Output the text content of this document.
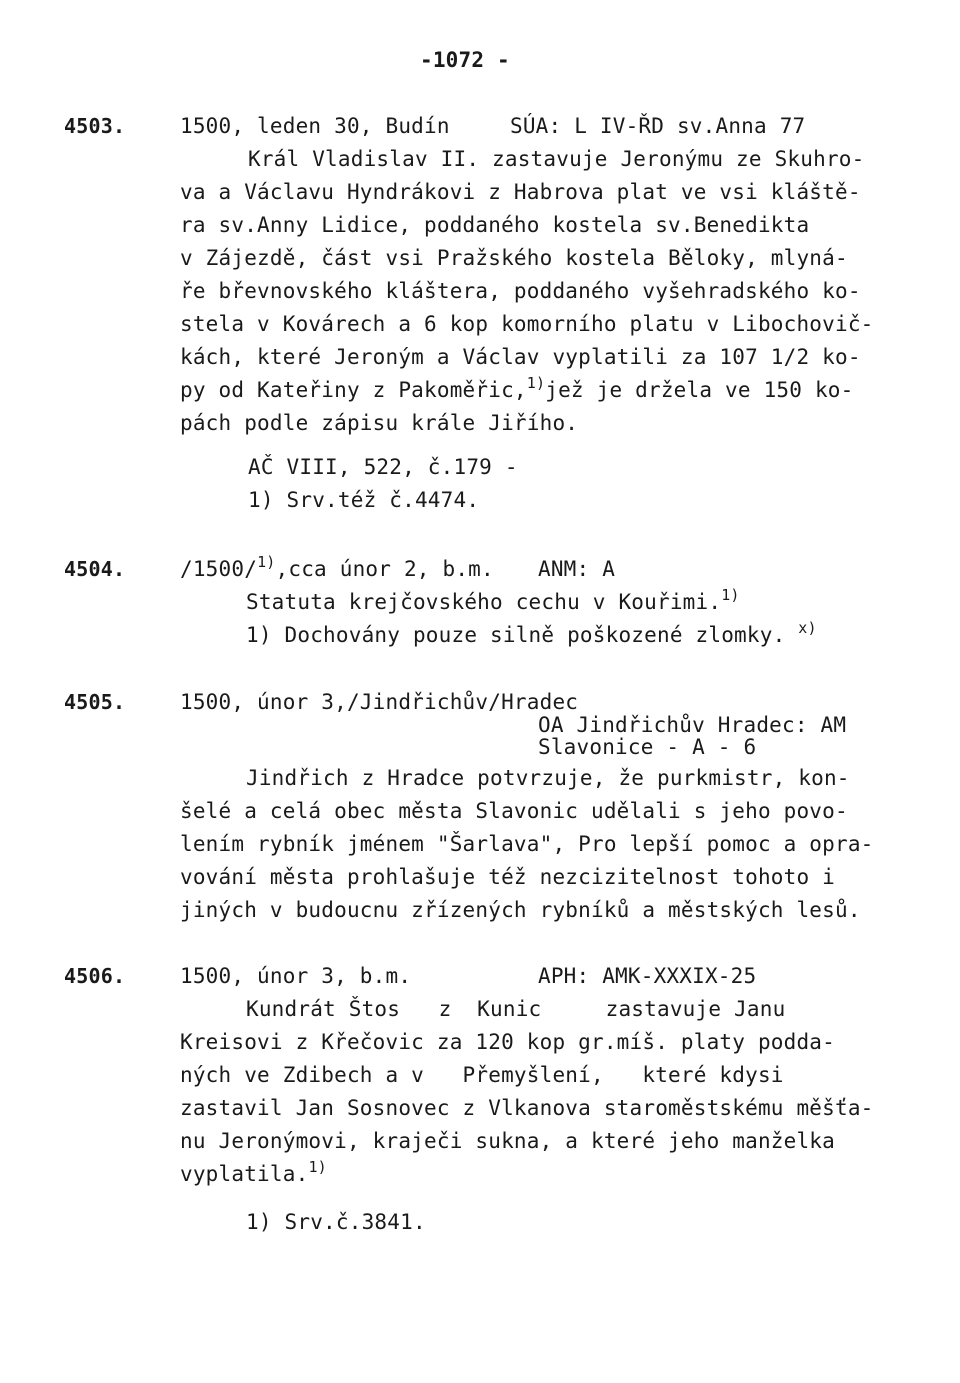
-1072 -
4503.	1500, leden 30, Budín	SÚA: L IV-ŘD sv.Anna 77
Král Vladislav II. zastavuje Jeronýmu ze Skuhro-
va a Václavu Hyndrákovi z Habrova plat ve vsi kláště-
ra sv.Anny Lidice, poddaného kostela sv.Benedikta
v Zájezdě, část vsi Pražského kostela Běloky, mlyná-
ře břevnovského kláštera, poddaného vyšehradského ko-
stela v Kovárech a 6 kop komorního platu v Libochovič-
kách, které Jeroným a Václav vyplatili za 107 1/2 ko-
py od Kateřiny z Pakoměřic,$^{1)}$jež je držela ve 150 ko-
pách podle zápisu krále Jiřího.
AČ VIII, 522, č.179 -
1) Srv.též č.4474.
4504.	/1500/$^{1)}$,cca únor 2, b.m. ANM: A
Statuta krejčovského cechu v Kouřimi.$^{1)}$
1) Dochovány pouze silně poškozené zlomky. $^{x)}$
4505.	1500, únor 3,/Jindřichův/Hradec
OA Jindřichův Hradec: AM
Slavonice - A - 6
Jindřich z Hradce potvrzuje, že purkmistr, kon-
šelé a celá obec města Slavonic udělali s jeho povo-
lením rybník jménem "Šarlava", Pro lepší pomoc a opra-
vování města prohlašuje též nezcizitelnost tohoto i
jiných v budoucnu zřízených rybníků a městských lesů.
4506.	1500, únor 3, b.m.	APH: AMK-XXXIX-25
Kundrát Štos   z  Kunic     zastavuje Janu
Kreisovi z Křečovic za 120 kop gr.míš. platy podda-
ných ve Zdibech a v   Přemyšlení,   které kdysi
zastavil Jan Sosnovec z Vlkanova staroměstskému měšťa-
nu Jeronýmovi, kraječi sukna, a které jeho manželka
vyplatila.$^{1)}$
1) Srv.č.3841.
